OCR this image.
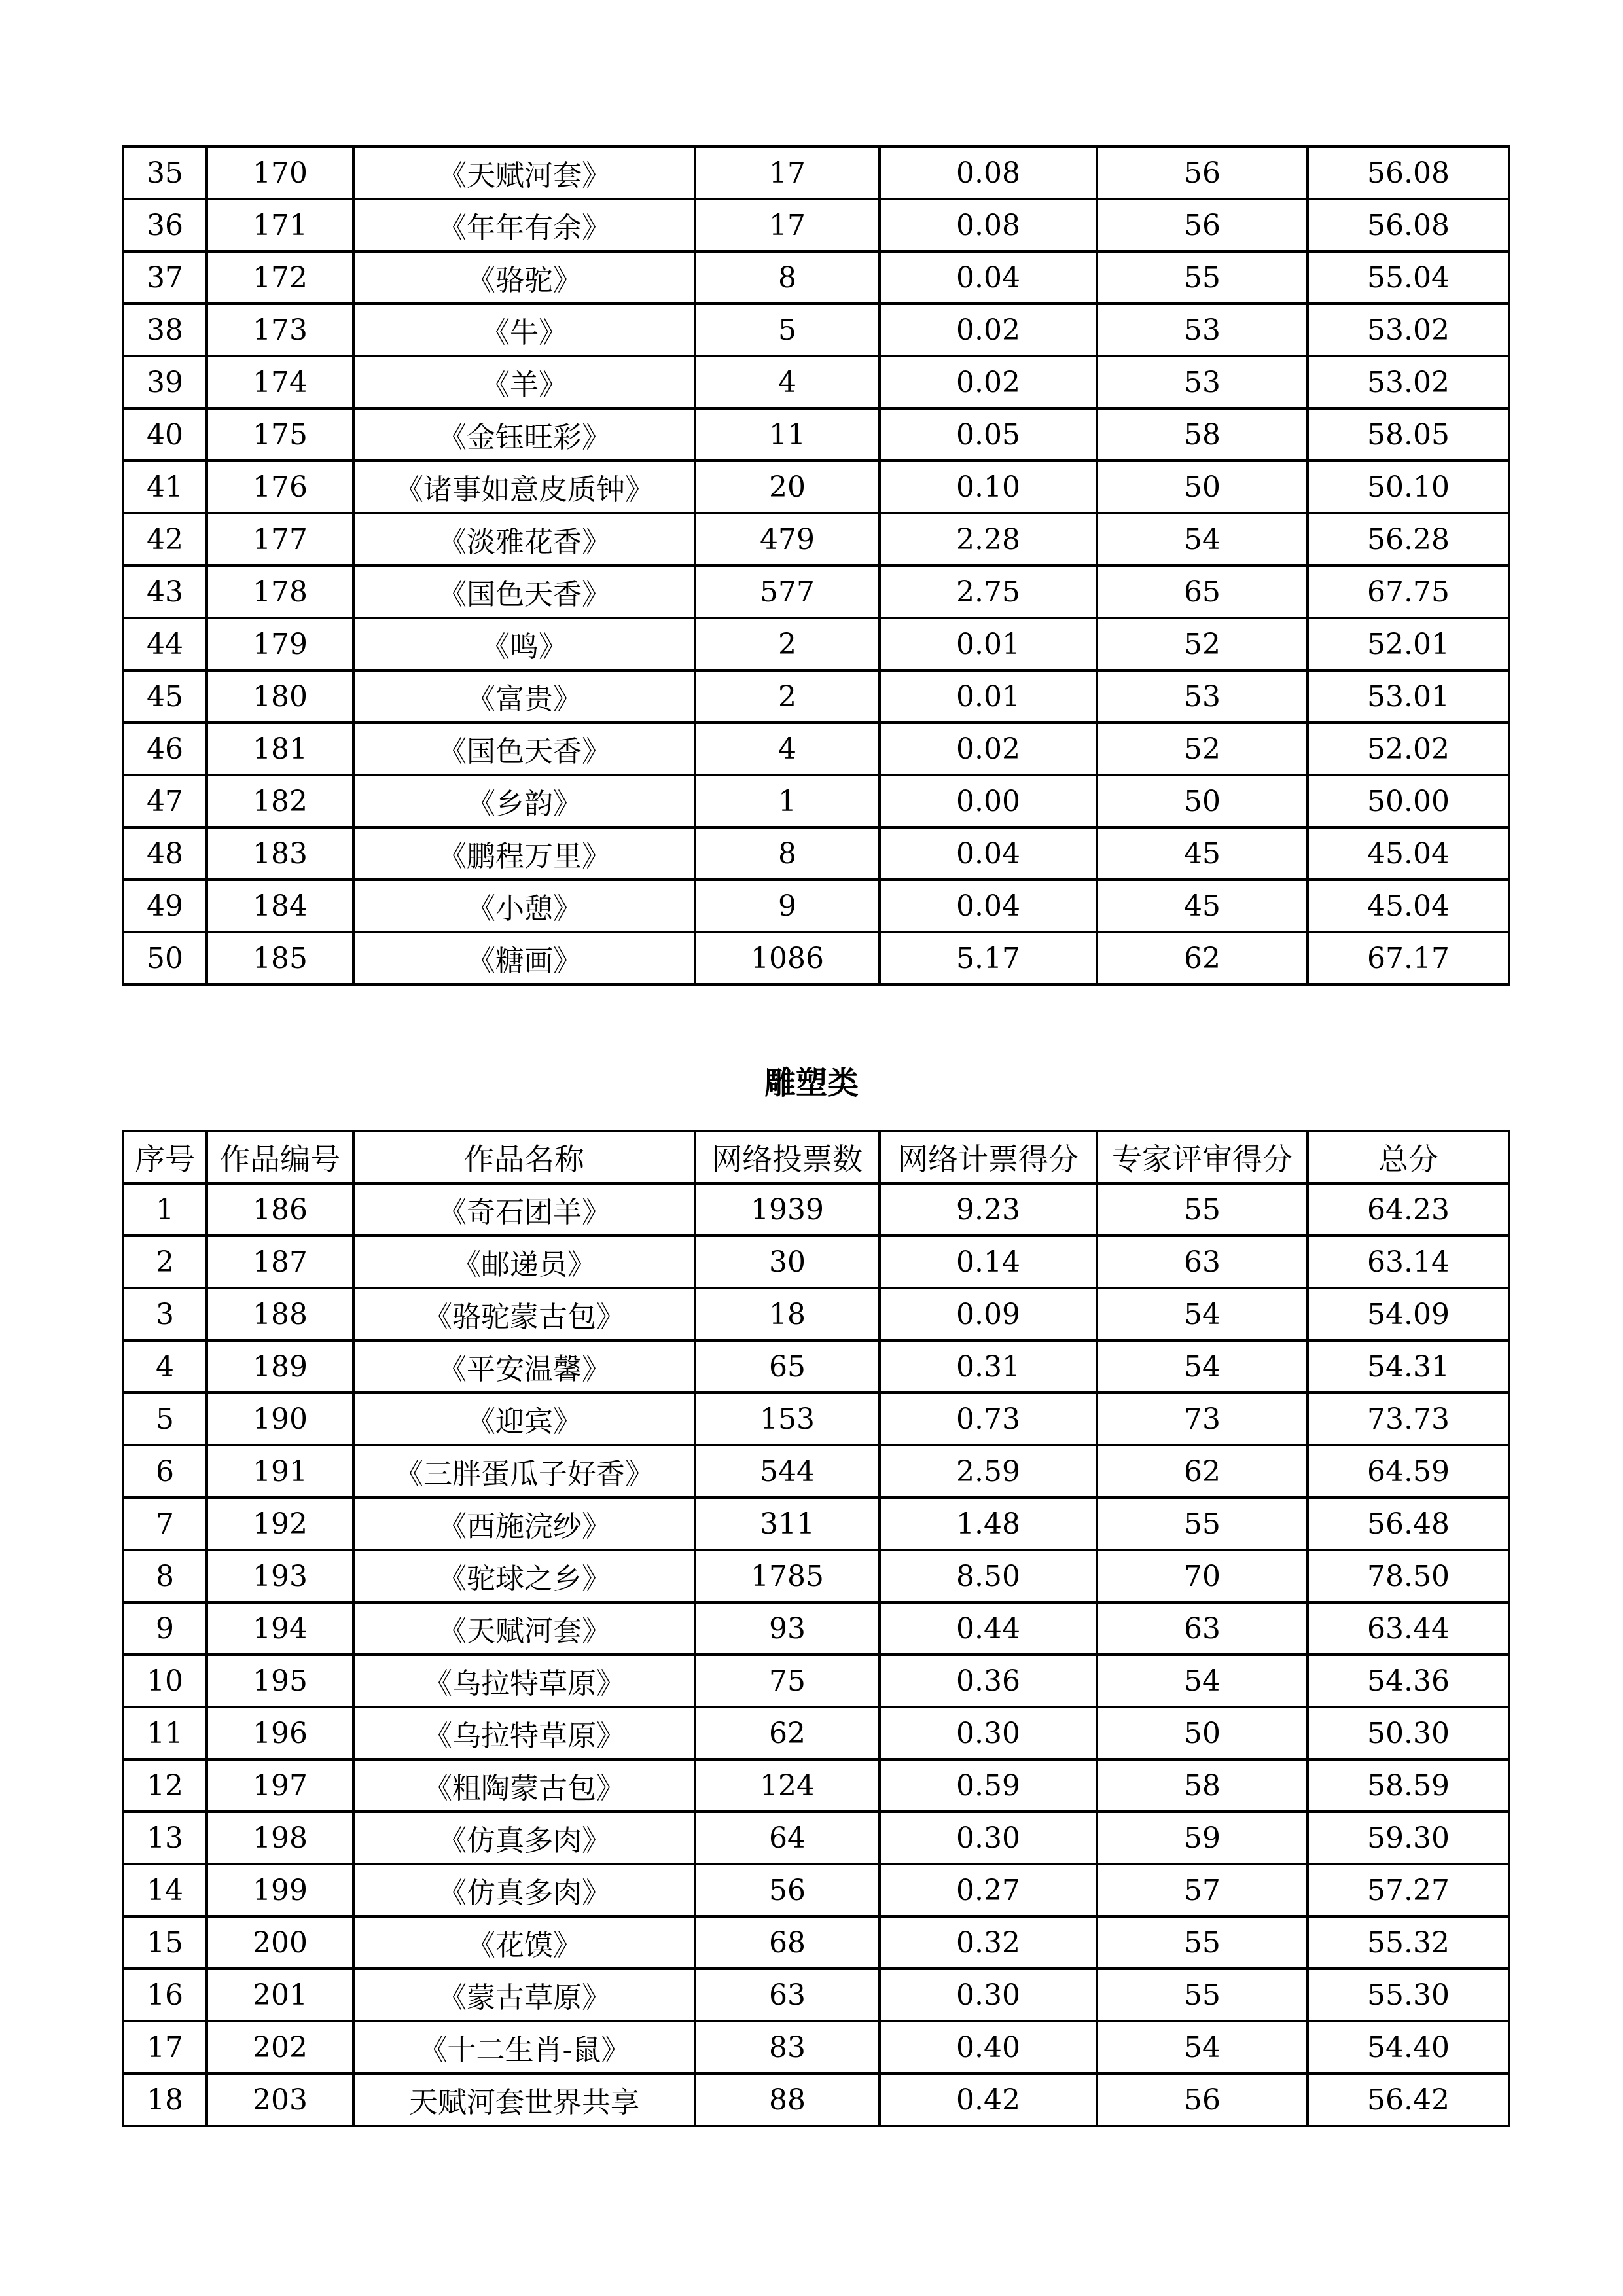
35	170	《天赋河套》	17	0.08	56	56.08
36	171	《年年有余》	17	0.08	56	56.08
37	172	《骆驼》	8	0.04	55	55.04
38	173	《牛》	5	0.02	53	53.02
39	174	《羊》	4	0.02	53	53.02
40	175	《金钰旺彩》	11	0.05	58	58.05
41	176	《诸事如意皮质钟》	20	0.10	50	50.10
42	177	《淡雅花香》	479	2.28	54	56.28
43	178	《国色天香》	577	2.75	65	67.75
44	179	《鸣》	2	0.01	52	52.01
45	180	《富贵》	2	0.01	53	53.01
46	181	《国色天香》	4	0.02	52	52.02
47	182	《乡韵》	1	0.00	50	50.00
48	183	《鹏程万里》	8	0.04	45	45.04
49	184	《小憩》	9	0.04	45	45.04
50	185	《糖画》	1086	5.17	62	67.17
雕塑类
序号	作品编号	作品名称	网络投票数	网络计票得分	专家评审得分	总分
1	186	《奇石团羊》	1939	9.23	55	64.23
2	187	《邮递员》	30	0.14	63	63.14
3	188	《骆驼蒙古包》	18	0.09	54	54.09
4	189	《平安温馨》	65	0.31	54	54.31
5	190	《迎宾》	153	0.73	73	73.73
6	191	《三胖蛋瓜子好香》	544	2.59	62	64.59
7	192	《西施浣纱》	311	1.48	55	56.48
8	193	《驼球之乡》	1785	8.50	70	78.50
9	194	《天赋河套》	93	0.44	63	63.44
10	195	《乌拉特草原》	75	0.36	54	54.36
11	196	《乌拉特草原》	62	0.30	50	50.30
12	197	《粗陶蒙古包》	124	0.59	58	58.59
13	198	《仿真多肉》	64	0.30	59	59.30
14	199	《仿真多肉》	56	0.27	57	57.27
15	200	《花馍》	68	0.32	55	55.32
16	201	《蒙古草原》	63	0.30	55	55.30
17	202	《十二生肖-鼠》	83	0.40	54	54.40
18	203	天赋河套世界共享	88	0.42	56	56.42
